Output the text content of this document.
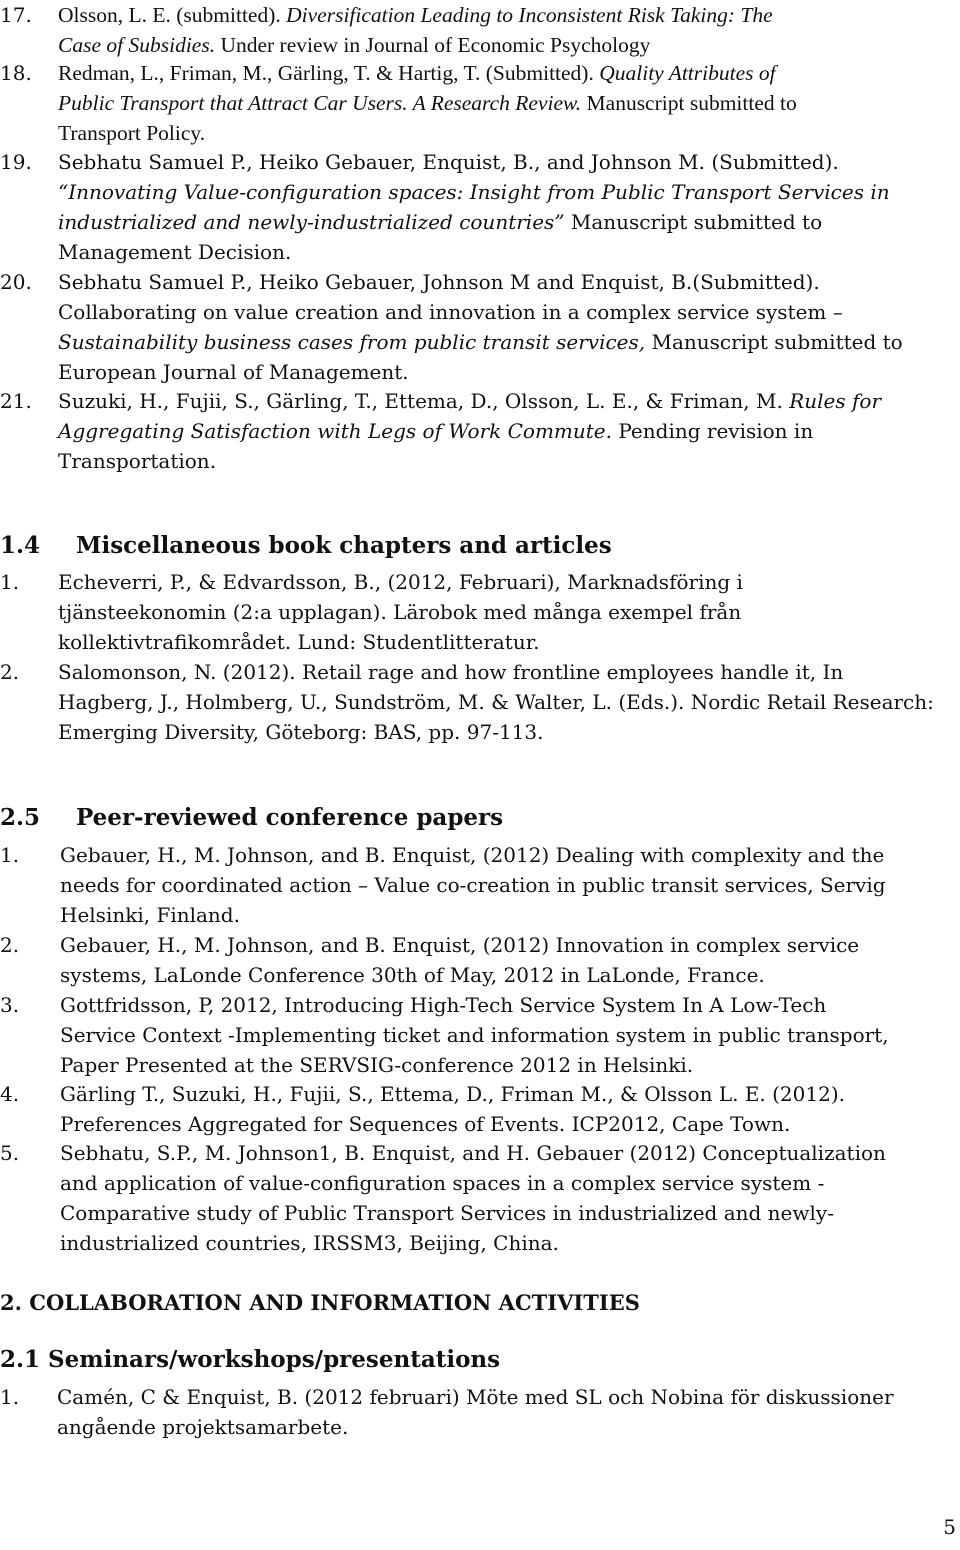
17. Olsson, L. E. (submitted). Diversification Leading to Inconsistent Risk Taking: The
Case of Subsidies. Under review in Journal of Economic Psychology
18. Redman, L., Friman, M., Gärling, T. & Hartig, T. (Submitted). Quality Attributes of
Public Transport that Attract Car Users. A Research Review. Manuscript submitted to
Transport Policy.
19. Sebhatu Samuel P., Heiko Gebauer, Enquist, B., and Johnson M. (Submitted).
“Innovating Value-configuration spaces: Insight from Public Transport Services in
industrialized and newly-industrialized countries” Manuscript submitted to
Management Decision.
20. Sebhatu Samuel P., Heiko Gebauer, Johnson M and Enquist, B.(Submitted).
Collaborating on value creation and innovation in a complex service system –
Sustainability business cases from public transit services, Manuscript submitted to
European Journal of Management.
21. Suzuki, H., Fujii, S., Gärling, T., Ettema, D., Olsson, L. E., & Friman, M. Rules for
Aggregating Satisfaction with Legs of Work Commute. Pending revision in
Transportation.
1.4 Miscellaneous book chapters and articles
1. Echeverri, P., & Edvardsson, B., (2012, Februari), Marknadsföring i
tjänsteekonomin (2:a upplagan). Lärobok med många exempel från
kollektivtrafikområdet. Lund: Studentlitteratur.
2. Salomonson, N. (2012). Retail rage and how frontline employees handle it, In
Hagberg, J., Holmberg, U., Sundström, M. & Walter, L. (Eds.). Nordic Retail Research:
Emerging Diversity, Göteborg: BAS, pp. 97-113.
2.5 Peer-reviewed conference papers
1. Gebauer, H., M. Johnson, and B. Enquist, (2012) Dealing with complexity and the
needs for coordinated action – Value co-creation in public transit services, Servig
Helsinki, Finland.
2. Gebauer, H., M. Johnson, and B. Enquist, (2012) Innovation in complex service
systems, LaLonde Conference 30th of May, 2012 in LaLonde, France.
3. Gottfridsson, P, 2012, Introducing High-Tech Service System In A Low-Tech
Service Context -Implementing ticket and information system in public transport,
Paper Presented at the SERVSIG-conference 2012 in Helsinki.
4. Gärling T., Suzuki, H., Fujii, S., Ettema, D., Friman M., & Olsson L. E. (2012).
Preferences Aggregated for Sequences of Events. ICP2012, Cape Town.
5. Sebhatu, S.P., M. Johnson1, B. Enquist, and H. Gebauer (2012) Conceptualization
and application of value-configuration spaces in a complex service system -
Comparative study of Public Transport Services in industrialized and newly-
industrialized countries, IRSSM3, Beijing, China.
2. COLLABORATION AND INFORMATION ACTIVITIES
2.1 Seminars/workshops/presentations
1. Camén, C & Enquist, B. (2012 februari) Möte med SL och Nobina för diskussioner
angående projektsamarbete.
5
